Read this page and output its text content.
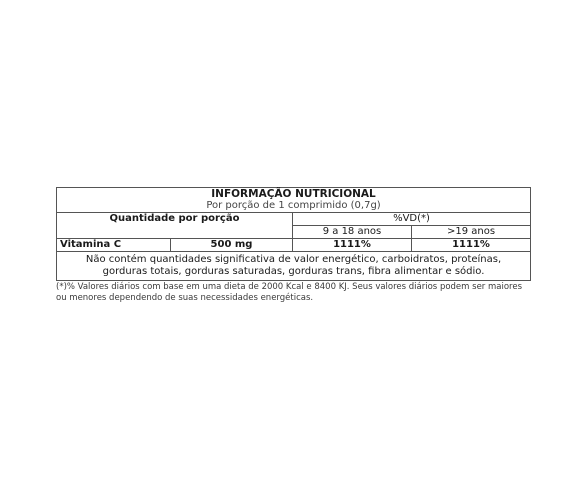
INFORMAÇÃO NUTRICIONAL
Por porção de 1 comprimido (0,7g)			

Quantidade por porção		%VD(*)	
		9 a 18 anos	>19 anos
Vitamina C	500 mg	1111%	1111%
Não contém quantidades significativa de valor energético, carboidratos, proteínas, gorduras totais, gorduras saturadas, gorduras trans, fibra alimentar e sódio.			
(*)% Valores diários com base em uma dieta de 2000 Kcal e 8400 KJ. Seus valores diários podem ser maiores ou menores dependendo de suas necessidades energéticas.
